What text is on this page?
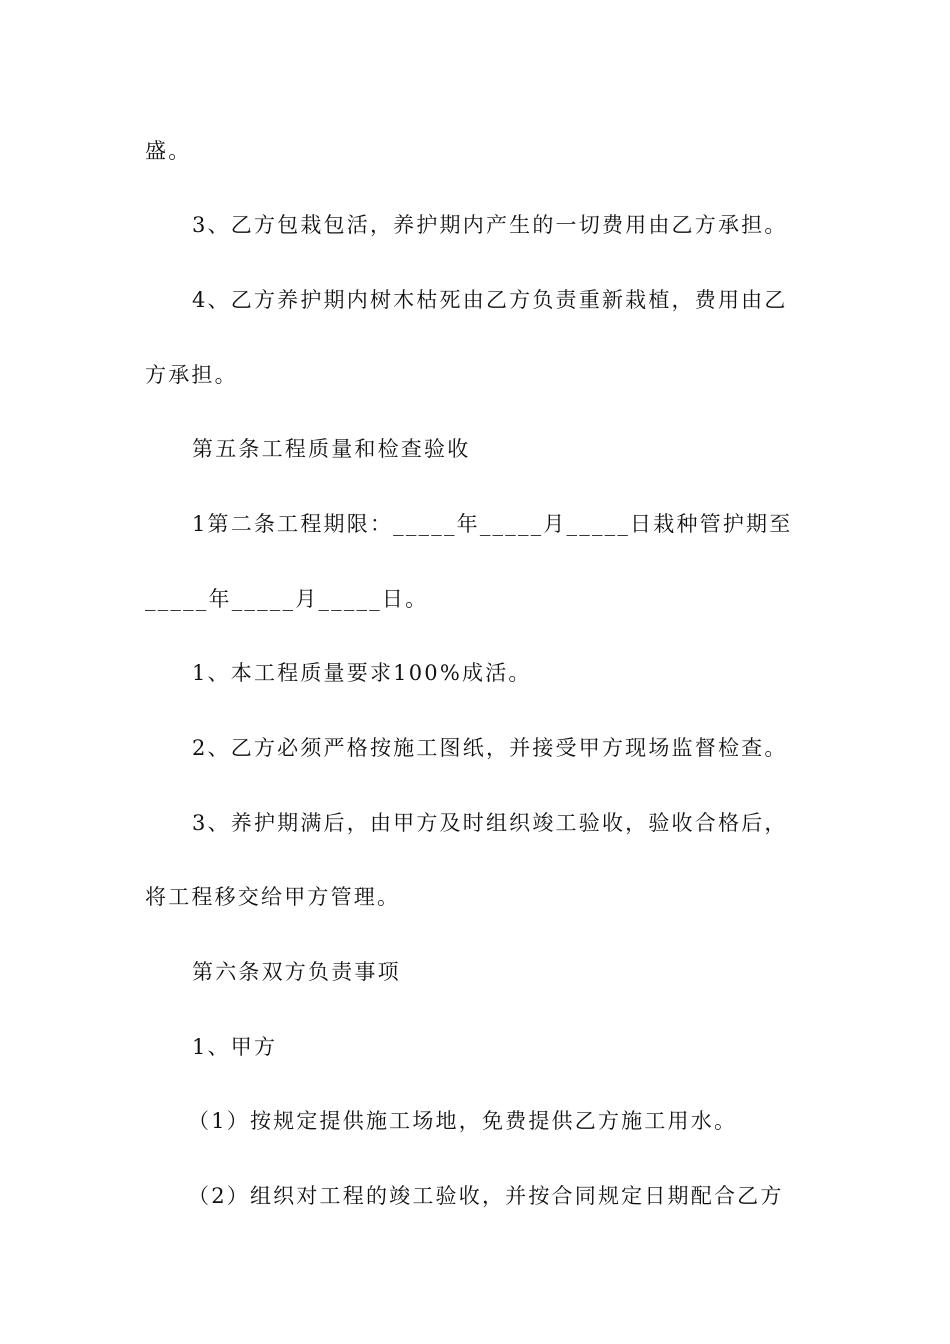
盛。
3、乙方包栽包活，养护期内产生的一切费用由乙方承担。
4、乙方养护期内树木枯死由乙方负责重新栽植，费用由乙
方承担。
第五条工程质量和检查验收
1第二条工程期限：_____年_____月_____日栽种管护期至
_____年_____月_____日。
1、本工程质量要求100%成活。
2、乙方必须严格按施工图纸，并接受甲方现场监督检查。
3、养护期满后，由甲方及时组织竣工验收，验收合格后，
将工程移交给甲方管理。
第六条双方负责事项
1、甲方
（1）按规定提供施工场地，免费提供乙方施工用水。
（2）组织对工程的竣工验收，并按合同规定日期配合乙方
